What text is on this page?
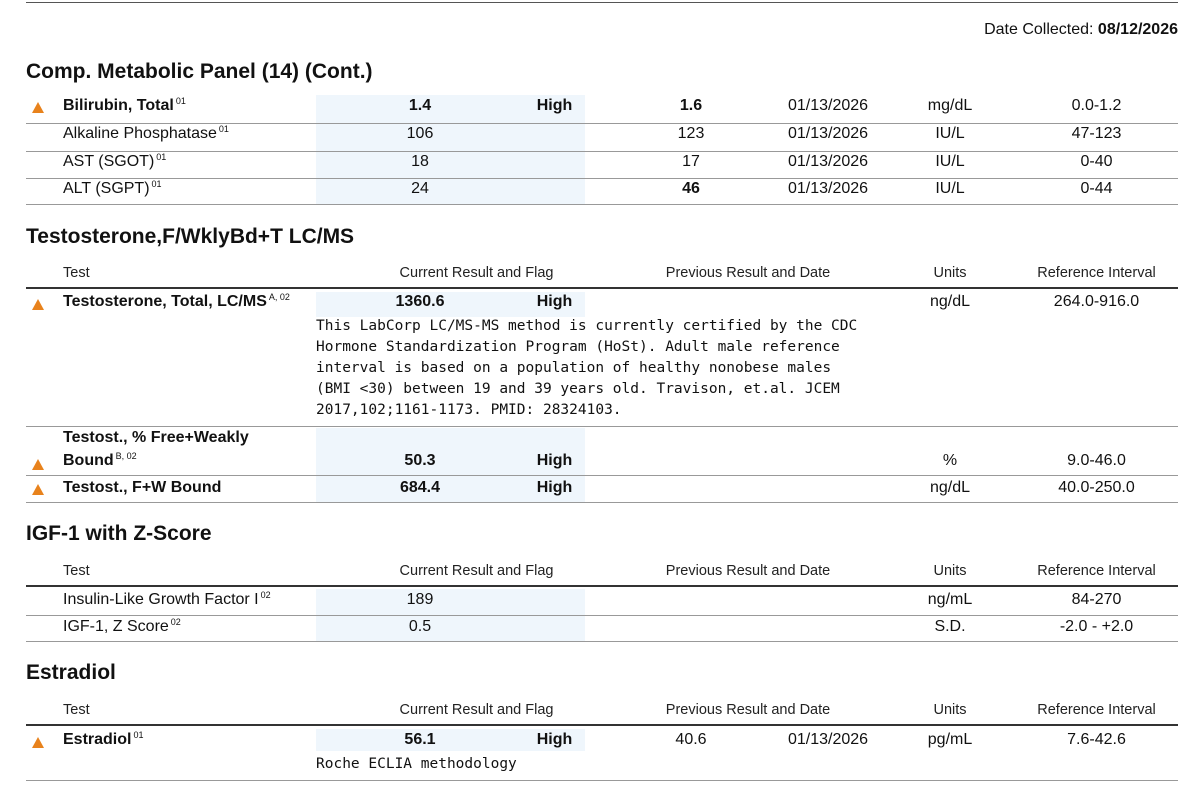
Date Collected: 08/12/2026
Comp. Metabolic Panel (14) (Cont.)
Bilirubin, Total $^{01}$	1.4	High	1.6	01/13/2026	mg/dL	0.0-1.2
Alkaline Phosphatase $^{01}$	106	123	01/13/2026	IU/L	47-123
AST (SGOT) $^{01}$	18	17	01/13/2026	IU/L	0-40
ALT (SGPT) $^{01}$	24	46	01/13/2026	IU/L	0-44
Testosterone,F/WklyBd+T LC/MS
Test	Current Result and Flag	Previous Result and Date	Units	Reference Interval
Testosterone, Total, LC/MS $^{A, 02}$	1360.6	High	ng/dL	264.0-916.0
This LabCorp LC/MS-MS method is currently certified by the CDC
Hormone Standardization Program (HoSt). Adult male reference
interval is based on a population of healthy nonobese males
(BMI <30) between 19 and 39 years old. Travison, et.al. JCEM
2017,102;1161-1173. PMID: 28324103.
Testost., % Free+Weakly
Bound $^{B, 02}$	50.3	High	%	9.0-46.0
Testost., F+W Bound	684.4	High	ng/dL	40.0-250.0
IGF-1 with Z-Score
Test	Current Result and Flag	Previous Result and Date	Units	Reference Interval
Insulin-Like Growth Factor I $^{02}$	189	ng/mL	84-270
IGF-1, Z Score $^{02}$	0.5	S.D.	-2.0 - +2.0
Estradiol
Test	Current Result and Flag	Previous Result and Date	Units	Reference Interval
Estradiol $^{01}$	56.1	High	40.6	01/13/2026	pg/mL	7.6-42.6
Roche ECLIA methodology
